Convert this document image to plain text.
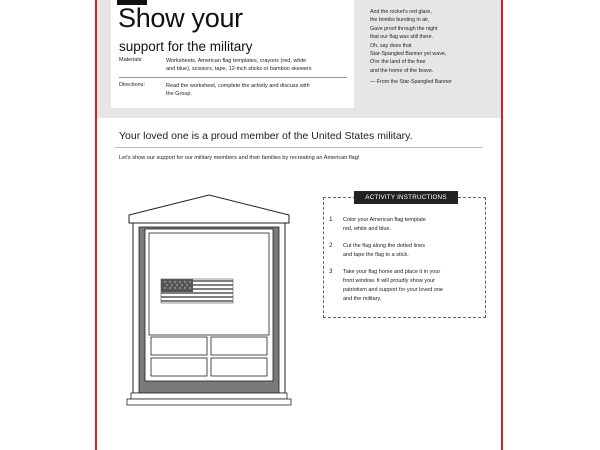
Show your
support for the military
Materials:	Worksheets, American flag templates, crayons (red, white
and blue), scissors, tape, 12-inch sticks or bamboo skewers
Directions:	Read the worksheet, complete the activity and discuss with
the Group.
And the rocket's red glare,
the bombs bursting in air,
Gave proof through the night
that our flag was still there.
Oh, say does that
Star-Spangled Banner yet wave,
O'er the land of the free
and the home of the brave.
— From the Star-Spangled Banner
Your loved one is a proud member of the United States military.
Let's show our support for our military members and their families by recreating an American flag!
ACTIVITY INSTRUCTIONS
1 Color your American flag template
red, white and blue.
2 Cut the flag along the dotted lines
and tape the flag to a stick.
3 Take your flag home and place it in your
front window. It will proudly show your
patriotism and support for your loved one
and the military.
